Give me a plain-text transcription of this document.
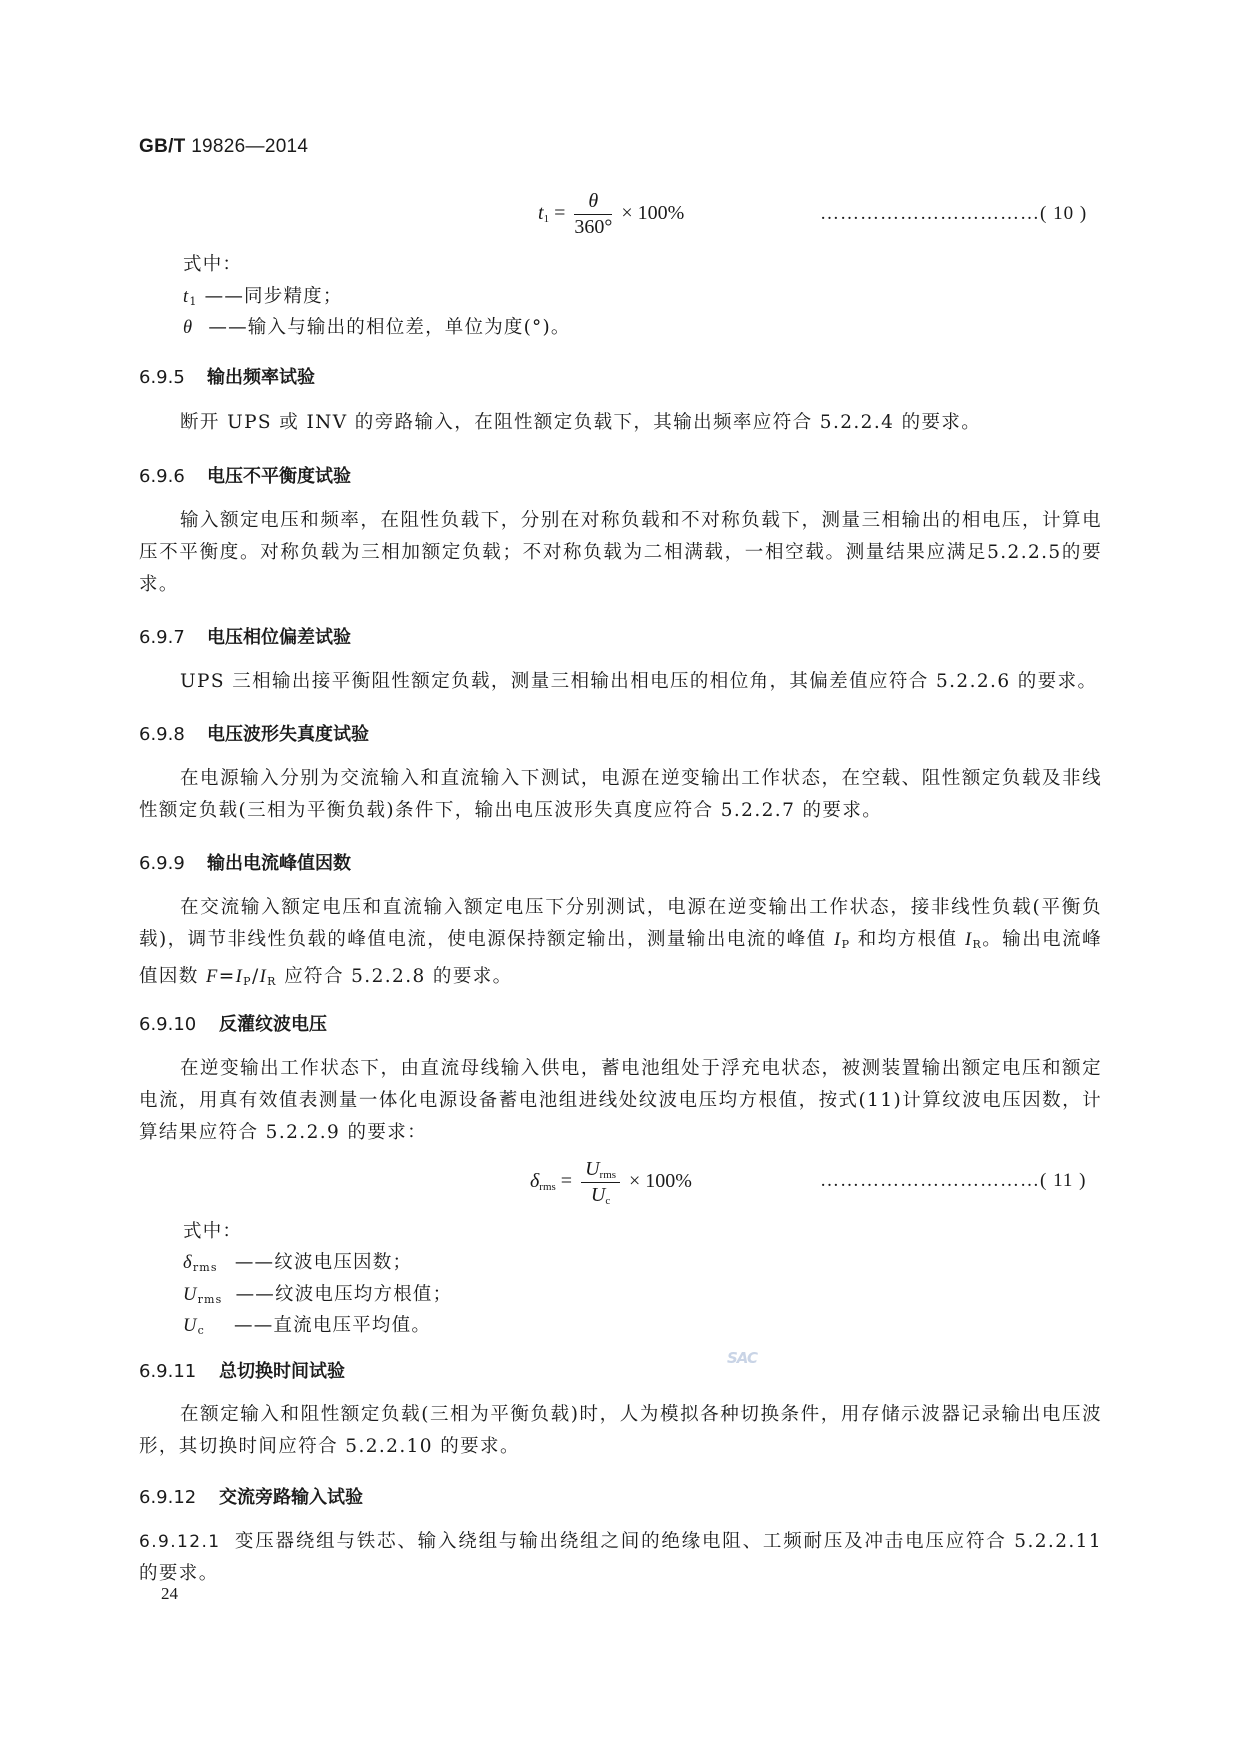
GB/T 19826—2014
$t_1 = \frac{\theta}{360^\circ} \times 100\%$	……………………………( 10 )
式中：
$t_1$ ——同步精度；
θ ——输入与输出的相位差，单位为度(°)。
6.9.5 输出频率试验
断开 UPS 或 INV 的旁路输入，在阻性额定负载下，其输出频率应符合 5.2.2.4 的要求。
6.9.6 电压不平衡度试验
输入额定电压和频率，在阻性负载下，分别在对称负载和不对称负载下，测量三相输出的相电压，计算电压不平衡度。对称负载为三相加额定负载；不对称负载为二相满载，一相空载。测量结果应满足5.2.2.5的要求。
6.9.7 电压相位偏差试验
UPS 三相输出接平衡阻性额定负载，测量三相输出相电压的相位角，其偏差值应符合 5.2.2.6 的要求。
6.9.8 电压波形失真度试验
在电源输入分别为交流输入和直流输入下测试，电源在逆变输出工作状态，在空载、阻性额定负载及非线性额定负载(三相为平衡负载)条件下，输出电压波形失真度应符合 5.2.2.7 的要求。
6.9.9 输出电流峰值因数
在交流输入额定电压和直流输入额定电压下分别测试，电源在逆变输出工作状态，接非线性负载(平衡负载)，调节非线性负载的峰值电流，使电源保持额定输出，测量输出电流的峰值 $I_P$ 和均方根值 $I_R$。输出电流峰值因数 $F=I_P/I_R$ 应符合 5.2.2.8 的要求。
6.9.10 反灌纹波电压
在逆变输出工作状态下，由直流母线输入供电，蓄电池组处于浮充电状态，被测装置输出额定电压和额定电流，用真有效值表测量一体化电源设备蓄电池组进线处纹波电压均方根值，按式(11)计算纹波电压因数，计算结果应符合 5.2.2.9 的要求：
$\delta_{rms} = \frac{U_{rms}}{U_c} \times 100\%$	……………………………( 11 )
式中：
$\delta_{rms}$ ——纹波电压因数；
$U_{rms}$ ——纹波电压均方根值；
$U_c$ ——直流电压平均值。
6.9.11 总切换时间试验
SAC
在额定输入和阻性额定负载(三相为平衡负载)时，人为模拟各种切换条件，用存储示波器记录输出电压波形，其切换时间应符合 5.2.2.10 的要求。
6.9.12 交流旁路输入试验
6.9.12.1 变压器绕组与铁芯、输入绕组与输出绕组之间的绝缘电阻、工频耐压及冲击电压应符合 5.2.2.11 的要求。
24
